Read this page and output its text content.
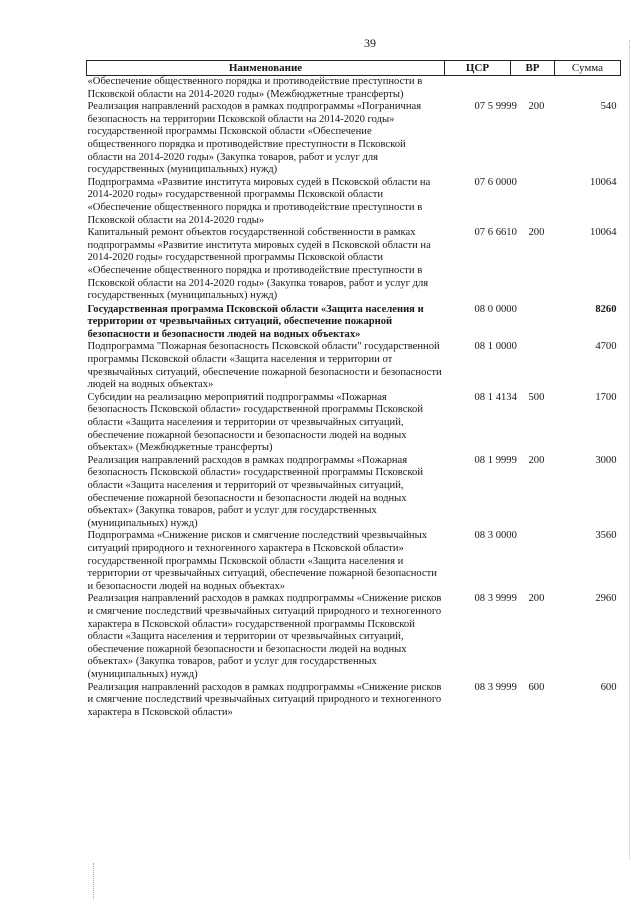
39
Наименование	ЦСР	ВР	Сумма
«Обеспечение общественного порядка и противодействие преступности в Псковской области на 2014-2020 годы» (Межбюджетные трансферты)			
Реализация направлений расходов в рамках подпрограммы «Пограничная безопасность на территории Псковской области на 2014-2020 годы» государственной программы Псковской области «Обеспечение общественного порядка и противодействие преступности в Псковской области на 2014-2020 годы» (Закупка товаров, работ и услуг для государственных (муниципальных) нужд)	07 5 9999	200	540
Подпрограмма «Развитие института мировых судей в Псковской области на 2014-2020 годы» государственной программы Псковской области «Обеспечение общественного порядка и противодействие преступности в Псковской области на 2014-2020 годы»	07 6 0000		10064
Капитальный ремонт объектов государственной собственности в рамках подпрограммы «Развитие института мировых судей в Псковской области на 2014-2020 годы» государственной программы Псковской области «Обеспечение общественного порядка и противодействие преступности в Псковской области на 2014-2020 годы» (Закупка товаров, работ и услуг для государственных (муниципальных) нужд)	07 6 6610	200	10064
Государственная программа Псковской области «Защита населения и территории от чрезвычайных ситуаций, обеспечение пожарной безопасности и безопасности людей на водных объектах»	08 0 0000		8260
Подпрограмма "Пожарная безопасность Псковской области" государственной программы Псковской области «Защита населения и территории от чрезвычайных ситуаций, обеспечение пожарной безопасности и безопасности людей на водных объектах»	08 1 0000		4700
Субсидии на реализацию мероприятий подпрограммы «Пожарная безопасность Псковской области» государственной программы Псковской области «Защита населения и территории от чрезвычайных ситуаций, обеспечение пожарной безопасности и безопасности людей на водных объектах» (Межбюджетные трансферты)	08 1 4134	500	1700
Реализация направлений расходов в рамках подпрограммы «Пожарная безопасность Псковской области» государственной программы Псковской области «Защита населения и территорий от чрезвычайных ситуаций, обеспечение пожарной безопасности и безопасности людей на водных объектах» (Закупка товаров, работ и услуг для государственных (муниципальных) нужд)	08 1 9999	200	3000
Подпрограмма «Снижение рисков и смягчение последствий чрезвычайных ситуаций природного и техногенного характера в Псковской области» государственной программы Псковской области «Защита населения и территории от чрезвычайных ситуаций, обеспечение пожарной безопасности и безопасности людей на водных объектах»	08 3 0000		3560
Реализация направлений расходов в рамках подпрограммы «Снижение рисков и смягчение последствий чрезвычайных ситуаций природного и техногенного характера в Псковской области» государственной программы Псковской области «Защита населения и территории от чрезвычайных ситуаций, обеспечение пожарной безопасности и безопасности людей на водных объектах» (Закупка товаров, работ и услуг для государственных (муниципальных) нужд)	08 3 9999	200	2960
Реализация направлений расходов в рамках подпрограммы «Снижение рисков и смягчение последствий чрезвычайных ситуаций природного и техногенного характера в Псковской области»	08 3 9999	600	600
